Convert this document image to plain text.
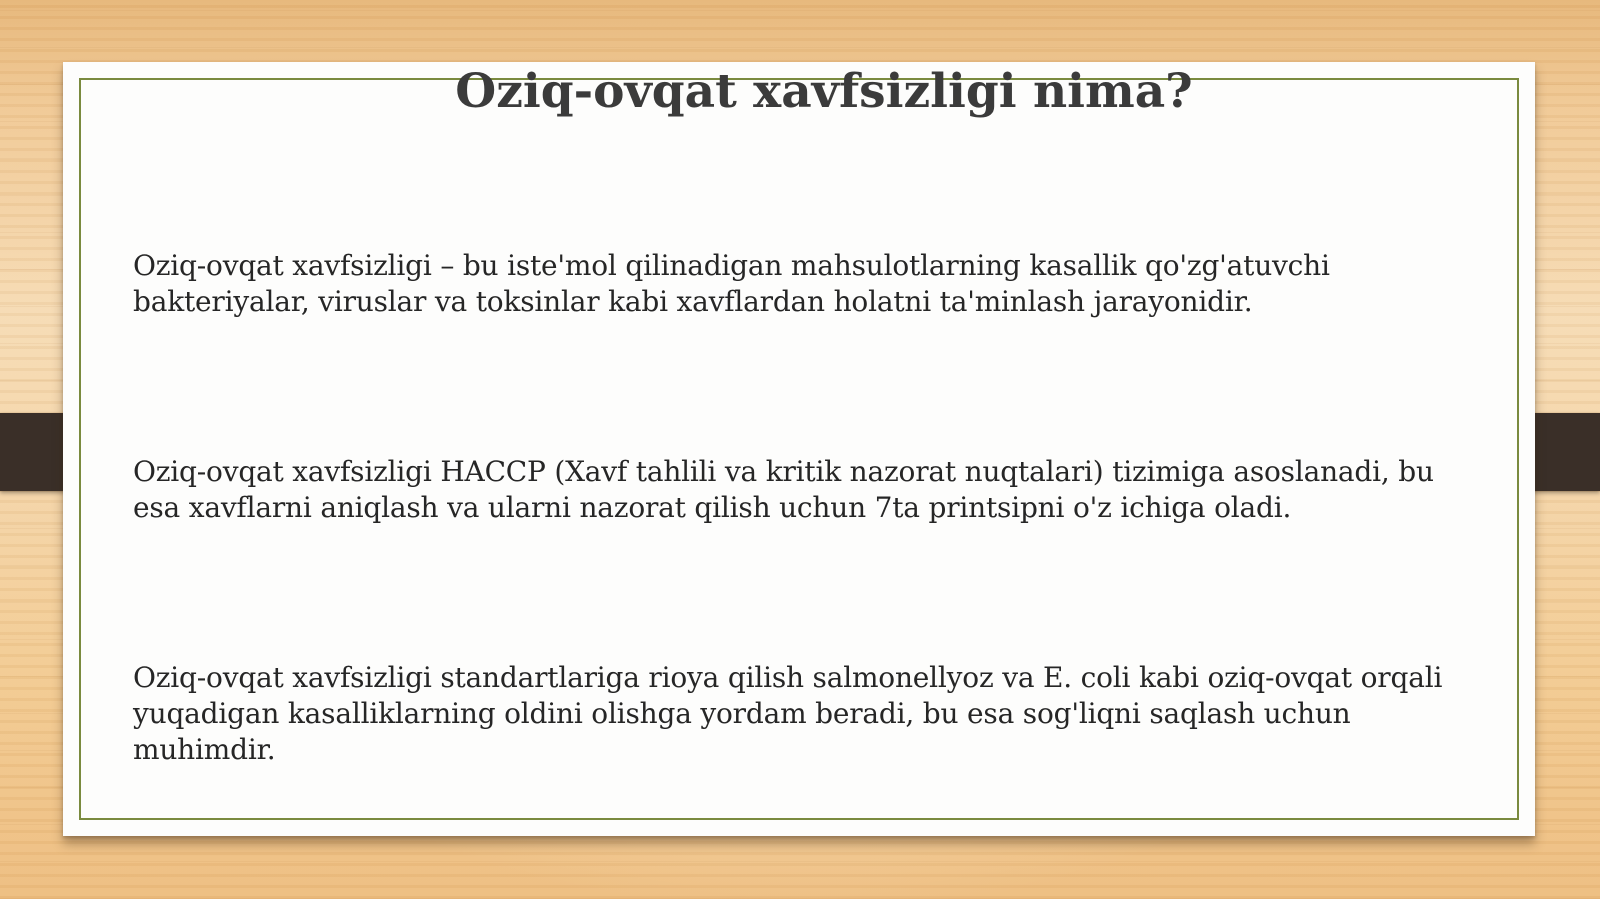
Oziq-ovqat xavfsizligi nima?

Oziq-ovqat xavfsizligi – bu iste'mol qilinadigan mahsulotlarning kasallik qo'zg'atuvchi bakteriyalar, viruslar va toksinlar kabi xavflardan holatni ta'minlash jarayonidir.

Oziq-ovqat xavfsizligi HACCP (Xavf tahlili va kritik nazorat nuqtalari) tizimiga asoslanadi, bu esa xavflarni aniqlash va ularni nazorat qilish uchun 7ta printsipni o'z ichiga oladi.

Oziq-ovqat xavfsizligi standartlariga rioya qilish salmonellyoz va E. coli kabi oziq-ovqat orqali yuqadigan kasalliklarning oldini olishga yordam beradi, bu esa sog'liqni saqlash uchun muhimdir.
